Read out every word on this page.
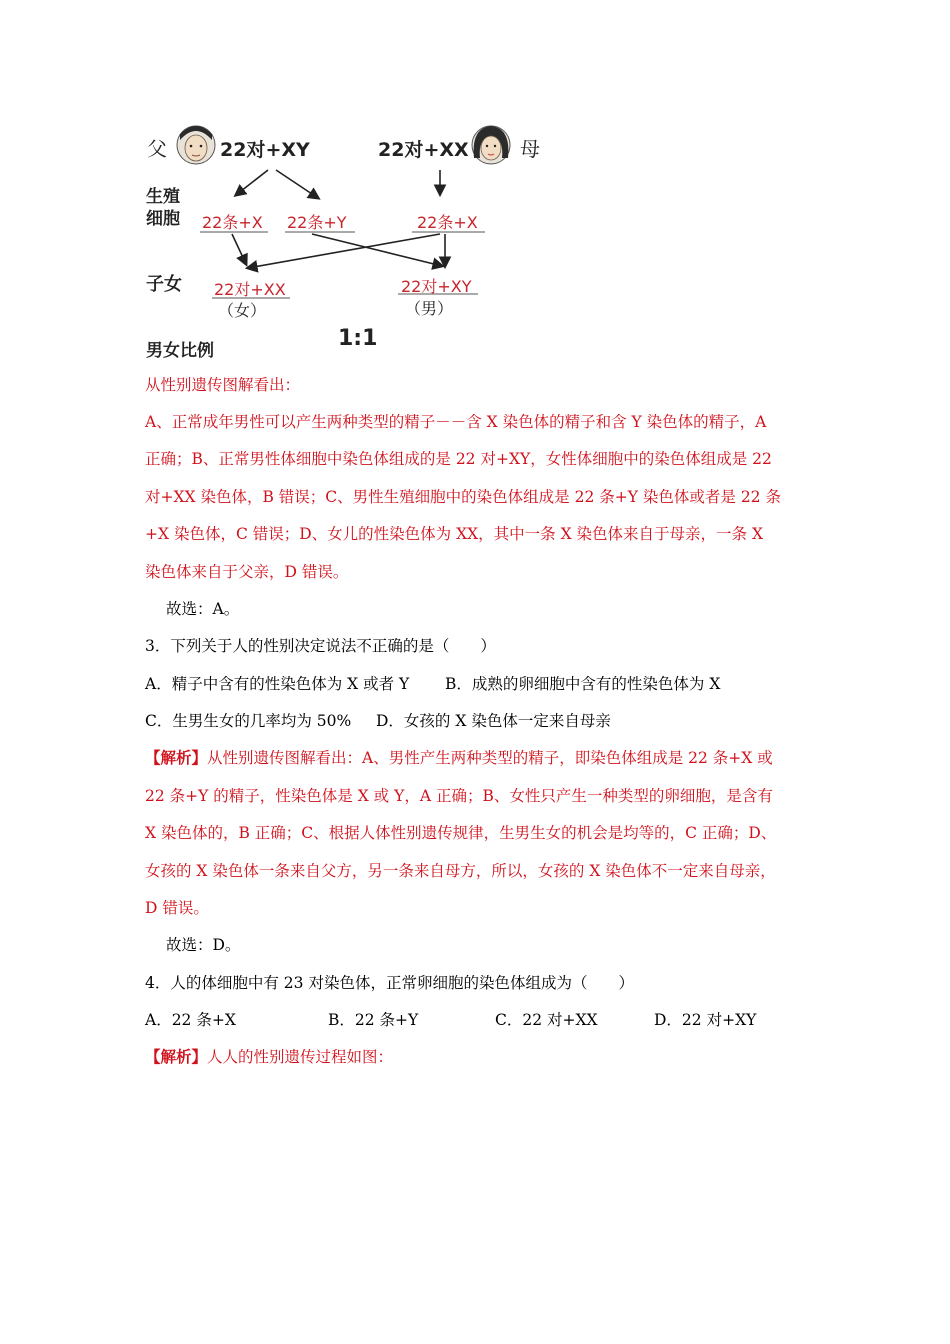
父	22对+XY	22对+XX	母
生殖
细胞 22条+X 22条+Y	22条+X
子女 22对+XX
（女）
22对+XY
（男）
男女比例	1:1
从性别遗传图解看出：
A、正常成年男性可以产生两种类型的精子－－含 X 染色体的精子和含 Y 染色体的精子，A
正确；B、正常男性体细胞中染色体组成的是 22 对+XY，女性体细胞中的染色体组成是 22
对+XX 染色体，B 错误；C、男性生殖细胞中的染色体组成是 22 条+Y 染色体或者是 22 条
+X 染色体，C 错误；D、女儿的性染色体为 XX，其中一条 X 染色体来自于母亲，一条 X
染色体来自于父亲，D 错误。
故选：A。
3．下列关于人的性别决定说法不正确的是（　　）
A．精子中含有的性染色体为 X 或者 Y B．成熟的卵细胞中含有的性染色体为 X
C．生男生女的几率均为 50% D．女孩的 X 染色体一定来自母亲
【解析】从性别遗传图解看出：A、男性产生两种类型的精子，即染色体组成是 22 条+X 或
22 条+Y 的精子，性染色体是 X 或 Y，A 正确；B、女性只产生一种类型的卵细胞，是含有
X 染色体的，B 正确；C、根据人体性别遗传规律，生男生女的机会是均等的，C 正确；D、
女孩的 X 染色体一条来自父方，另一条来自母方，所以，女孩的 X 染色体不一定来自母亲，
D 错误。
故选：D。
4．人的体细胞中有 23 对染色体，正常卵细胞的染色体组成为（　　）
A．22 条+X	B．22 条+Y	C．22 对+XX	D．22 对+XY
【解析】人人的性别遗传过程如图：
